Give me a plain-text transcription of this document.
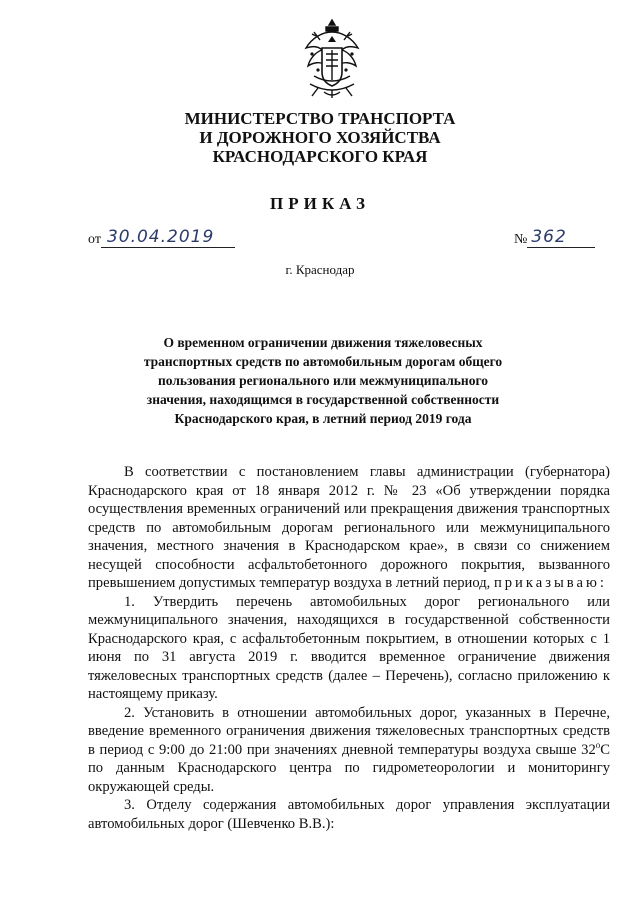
МИНИСТЕРСТВО ТРАНСПОРТА
И ДОРОЖНОГО ХОЗЯЙСТВА
КРАСНОДАРСКОГО КРАЯ
ПРИКАЗ
от 30.04.2019	№ 362
г. Краснодар
О временном ограничении движения тяжеловесных
транспортных средств по автомобильным дорогам общего
пользования регионального или межмуниципального
значения, находящимся в государственной собственности
Краснодарского края, в летний период 2019 года

В соответствии с постановлением главы администрации (губернатора) Краснодарского края от 18 января 2012 г. № 23 «Об утверждении порядка осуществления временных ограничений или прекращения движения транспортных средств по автомобильным дорогам регионального или межмуниципального значения, местного значения в Краснодарском крае», в связи со снижением несущей способности асфальтобетонного дорожного покрытия, вызванного превышением допустимых температур воздуха в летний период, приказываю:

1. Утвердить перечень автомобильных дорог регионального или межмуниципального значения, находящихся в государственной собственности Краснодарского края, с асфальтобетонным покрытием, в отношении которых с 1 июня по 31 августа 2019 г. вводится временное ограничение движения тяжеловесных транспортных средств (далее – Перечень), согласно приложению к настоящему приказу.

2. Установить в отношении автомобильных дорог, указанных в Перечне, введение временного ограничения движения тяжеловесных транспортных средств в период с 9:00 до 21:00 при значениях дневной температуры воздуха свыше $32^оС$ по данным Краснодарского центра по гидрометеорологии и мониторингу окружающей среды.

3. Отделу содержания автомобильных дорог управления эксплуатации автомобильных дорог (Шевченко В.В.):
